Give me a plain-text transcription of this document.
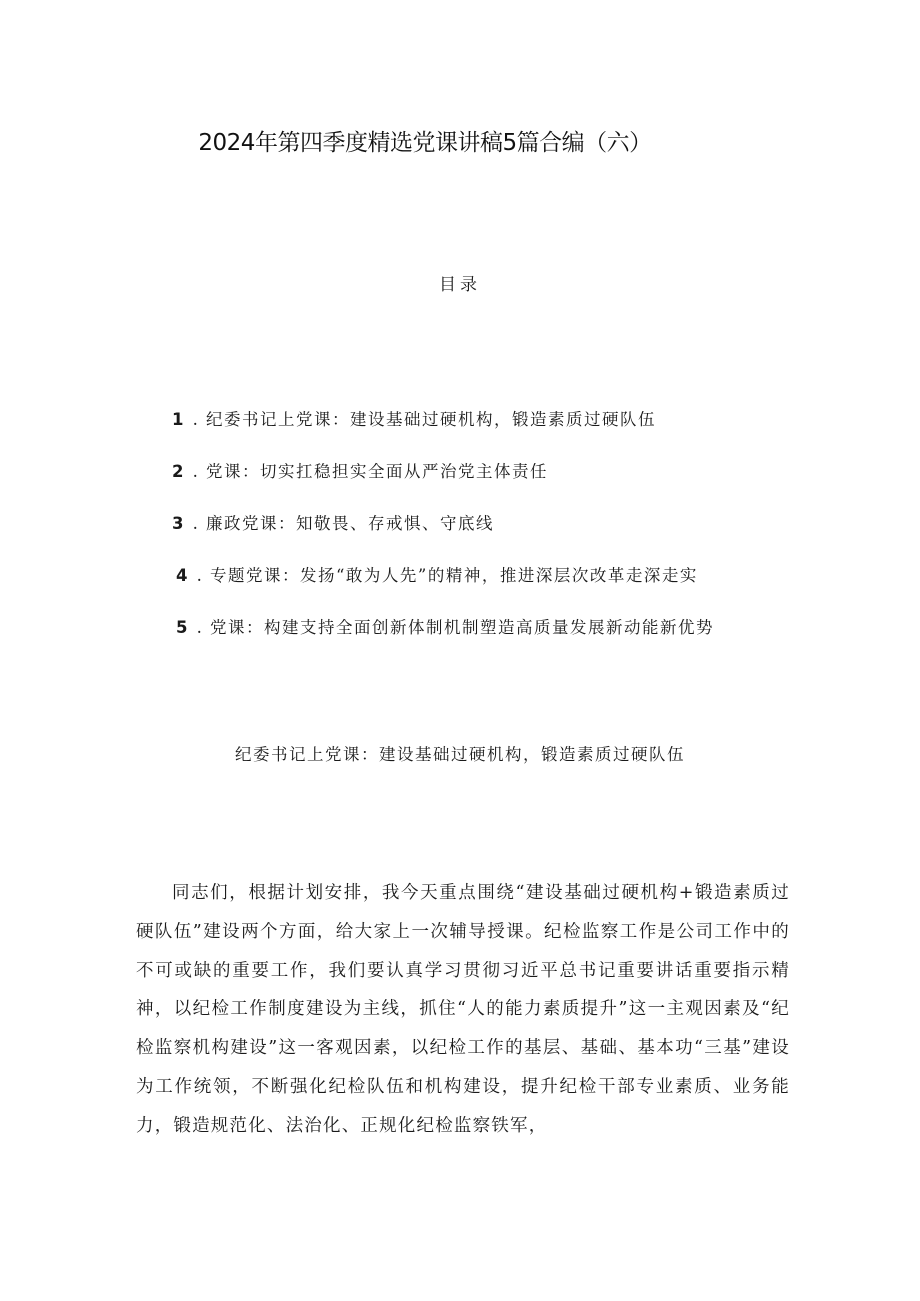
2024年第四季度精选党课讲稿5篇合编（六）
目录
1 . 纪委书记上党课：建设基础过硬机构，锻造素质过硬队伍
2 . 党课：切实扛稳担实全面从严治党主体责任
3 . 廉政党课：知敬畏、存戒惧、守底线
4 . 专题党课：发扬“敢为人先”的精神，推进深层次改革走深走实
5 . 党课：构建支持全面创新体制机制塑造高质量发展新动能新优势
纪委书记上党课：建设基础过硬机构，锻造素质过硬队伍

同志们，根据计划安排，我今天重点围绕“建设基础过硬机构+锻造素质过硬队伍”建设两个方面，给大家上一次辅导授课。纪检监察工作是公司工作中的不可或缺的重要工作，我们要认真学习贯彻习近平总书记重要讲话重要指示精神，以纪检工作制度建设为主线，抓住“人的能力素质提升”这一主观因素及“纪检监察机构建设”这一客观因素，以纪检工作的基层、基础、基本功“三基”建设为工作统领，不断强化纪检队伍和机构建设，提升纪检干部专业素质、业务能力，锻造规范化、法治化、正规化纪检监察铁军，
